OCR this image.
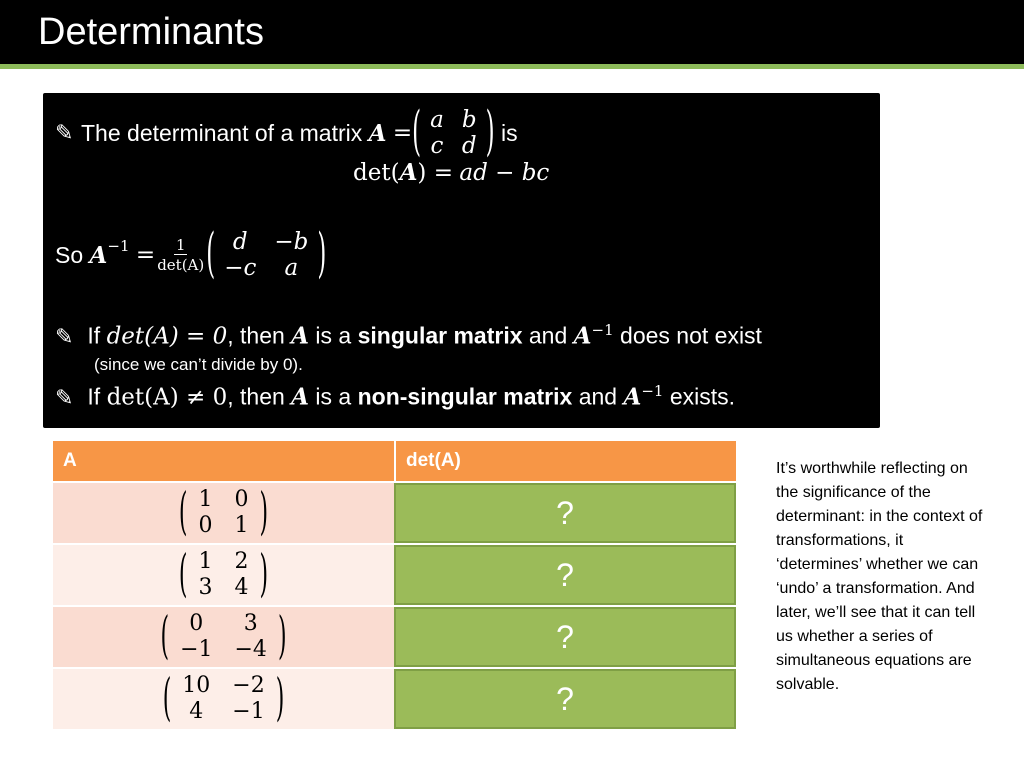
Determinants
✎ The determinant of a matrix
A
= ( a	b
c	d )
is
det(A) = ad − bc
So
$A^{-1}$
= $\frac{1}{\det(A)}$ ( d	−b
−c	a )
✎ If det(A) = 0, then A is a singular matrix and $A^{-1}$ does not exist
(since we can’t divide by 0).
✎ If det(A) ≠ 0, then A is a non-singular matrix and $A^{-1}$ exists.
A	det(A)

( 1	0
0	1 )	?

( 1	2
3	4 )	?

( 0	3
−1	−4 )	?

( 10	−2
4	−1 )	?
It’s worthwhile reflecting on the significance of the determinant: in the context of transformations, it ‘determines’ whether we can ‘undo’ a transformation. And later, we’ll see that it can tell us whether a series of simultaneous equations are solvable.
